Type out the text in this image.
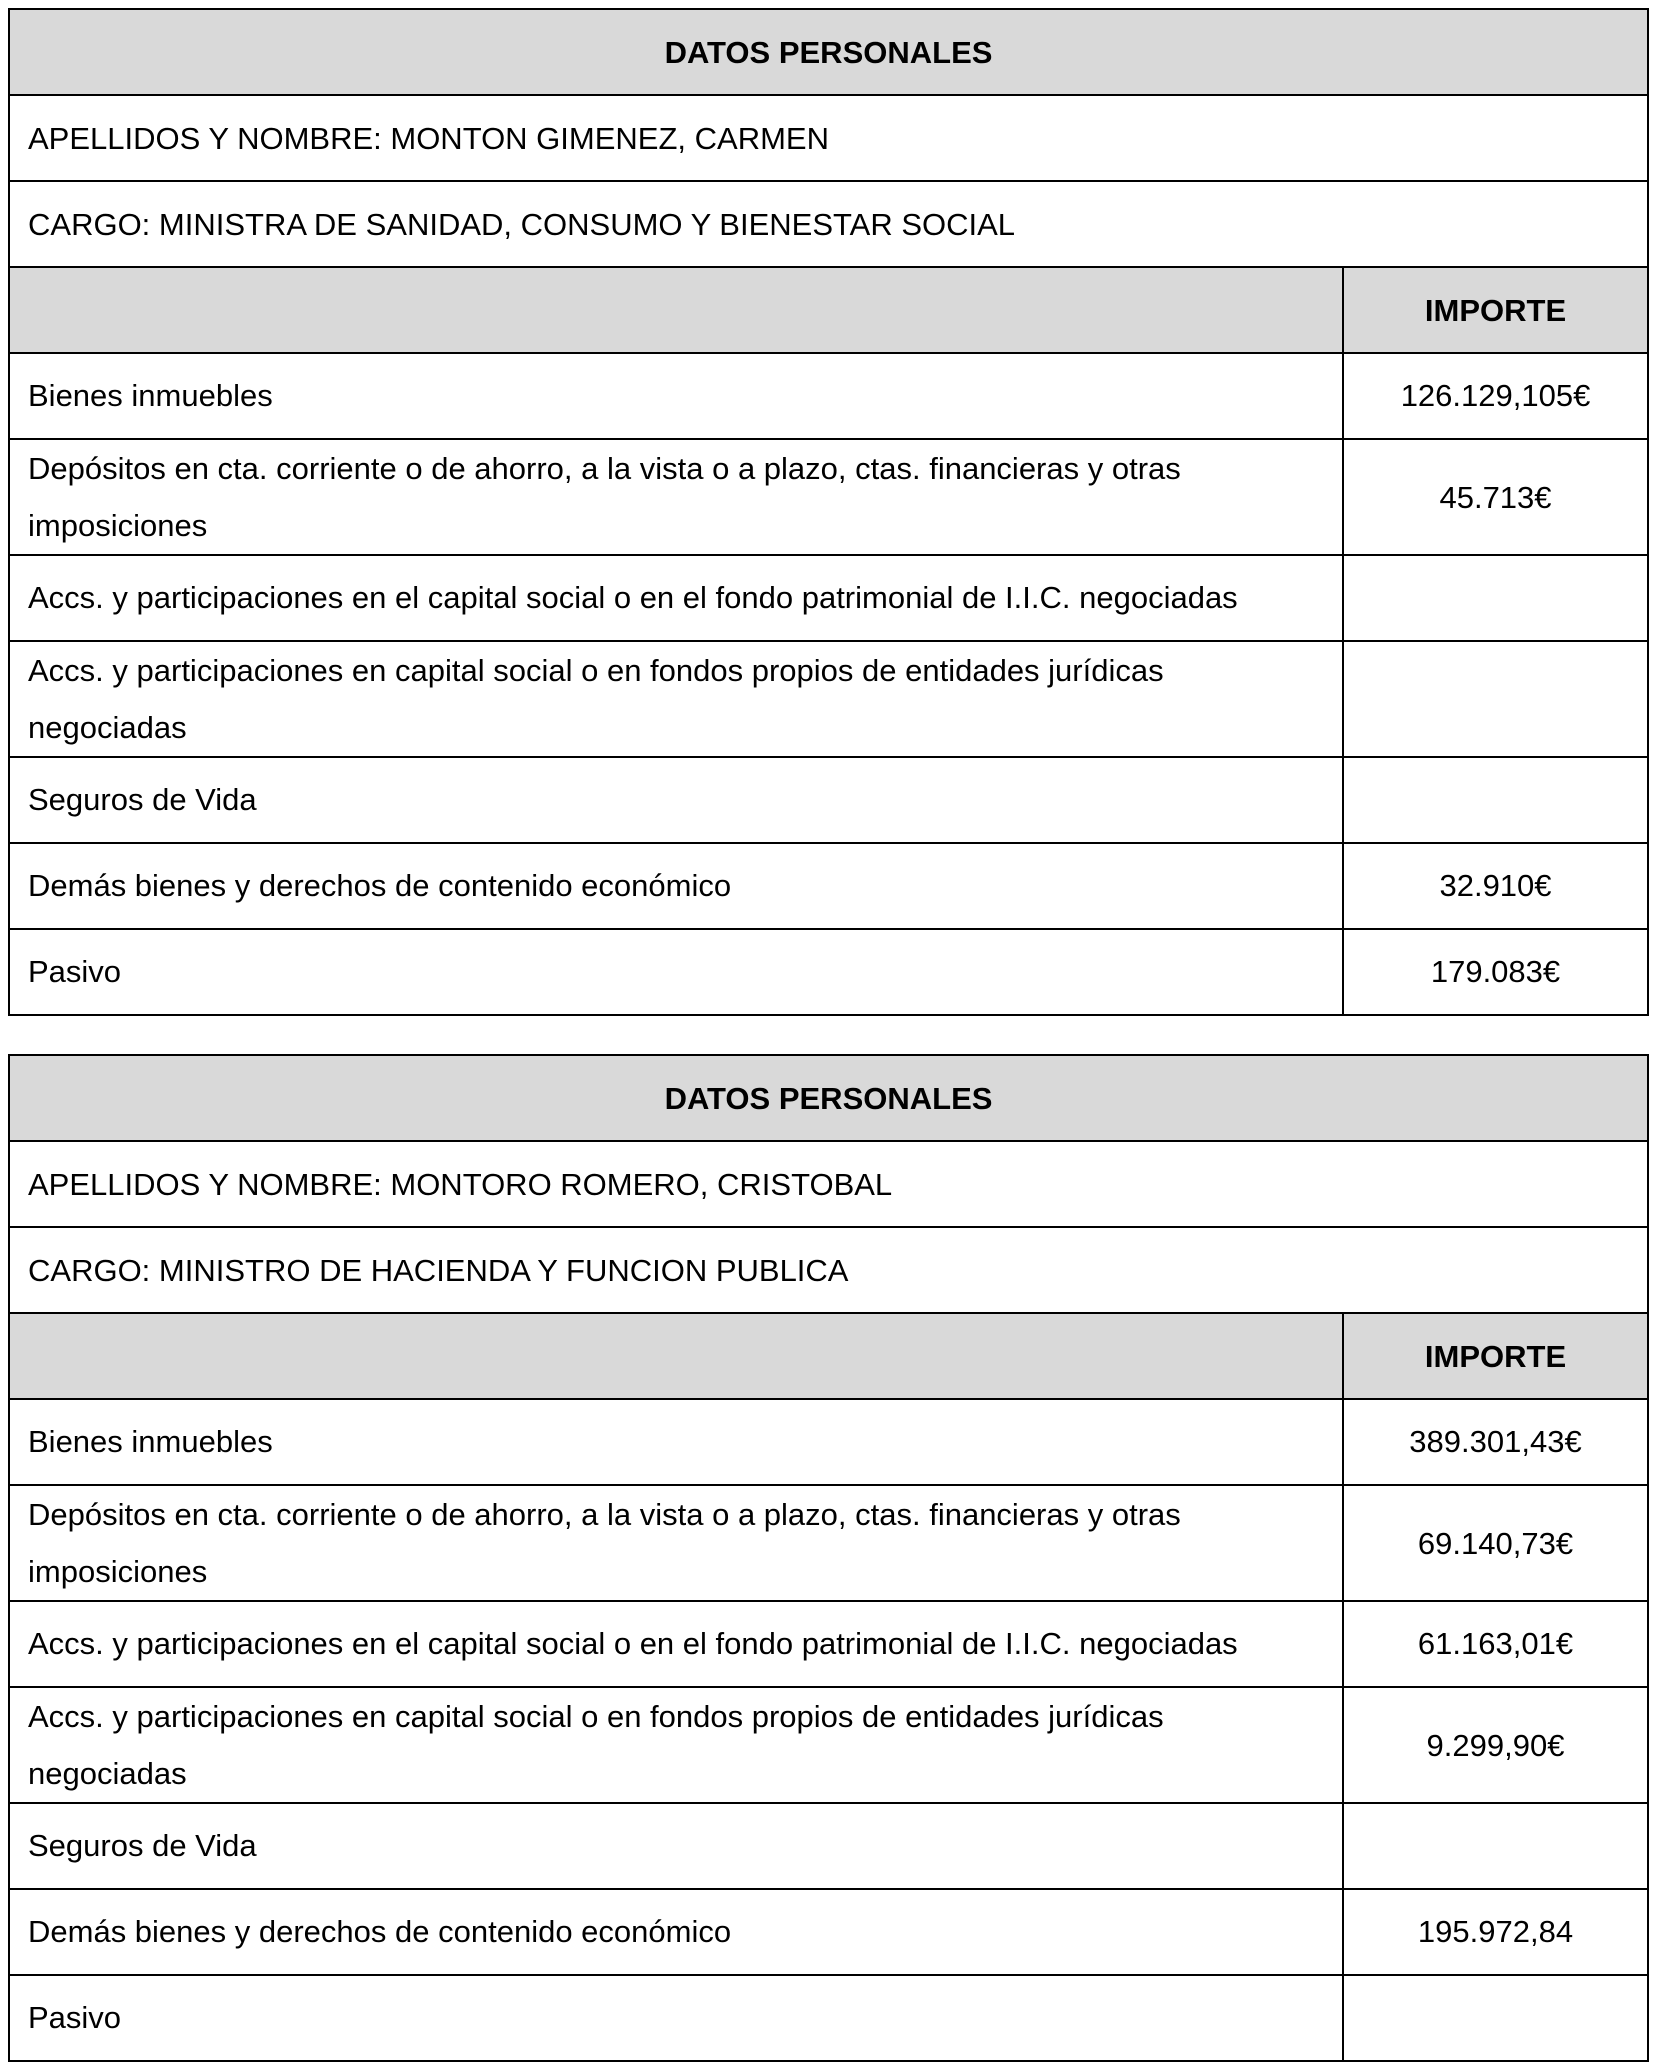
DATOS PERSONALES	
APELLIDOS Y NOMBRE: MONTON GIMENEZ, CARMEN	
CARGO: MINISTRA DE SANIDAD, CONSUMO Y BIENESTAR SOCIAL	
	IMPORTE
Bienes inmuebles	126.129,105€
Depósitos en cta. corriente o de ahorro, a la vista o a plazo, ctas. financieras y otras imposiciones	45.713€
Accs. y participaciones en el capital social o en el fondo patrimonial de I.I.C. negociadas	
Accs. y participaciones en capital social o en fondos propios de entidades jurídicas negociadas	
Seguros de Vida	
Demás bienes y derechos de contenido económico	32.910€
Pasivo	179.083€
DATOS PERSONALES	
APELLIDOS Y NOMBRE: MONTORO ROMERO, CRISTOBAL	
CARGO: MINISTRO DE HACIENDA Y FUNCION PUBLICA	
	IMPORTE
Bienes inmuebles	389.301,43€
Depósitos en cta. corriente o de ahorro, a la vista o a plazo, ctas. financieras y otras imposiciones	69.140,73€
Accs. y participaciones en el capital social o en el fondo patrimonial de I.I.C. negociadas	61.163,01€
Accs. y participaciones en capital social o en fondos propios de entidades jurídicas negociadas	9.299,90€
Seguros de Vida	
Demás bienes y derechos de contenido económico	195.972,84
Pasivo	
